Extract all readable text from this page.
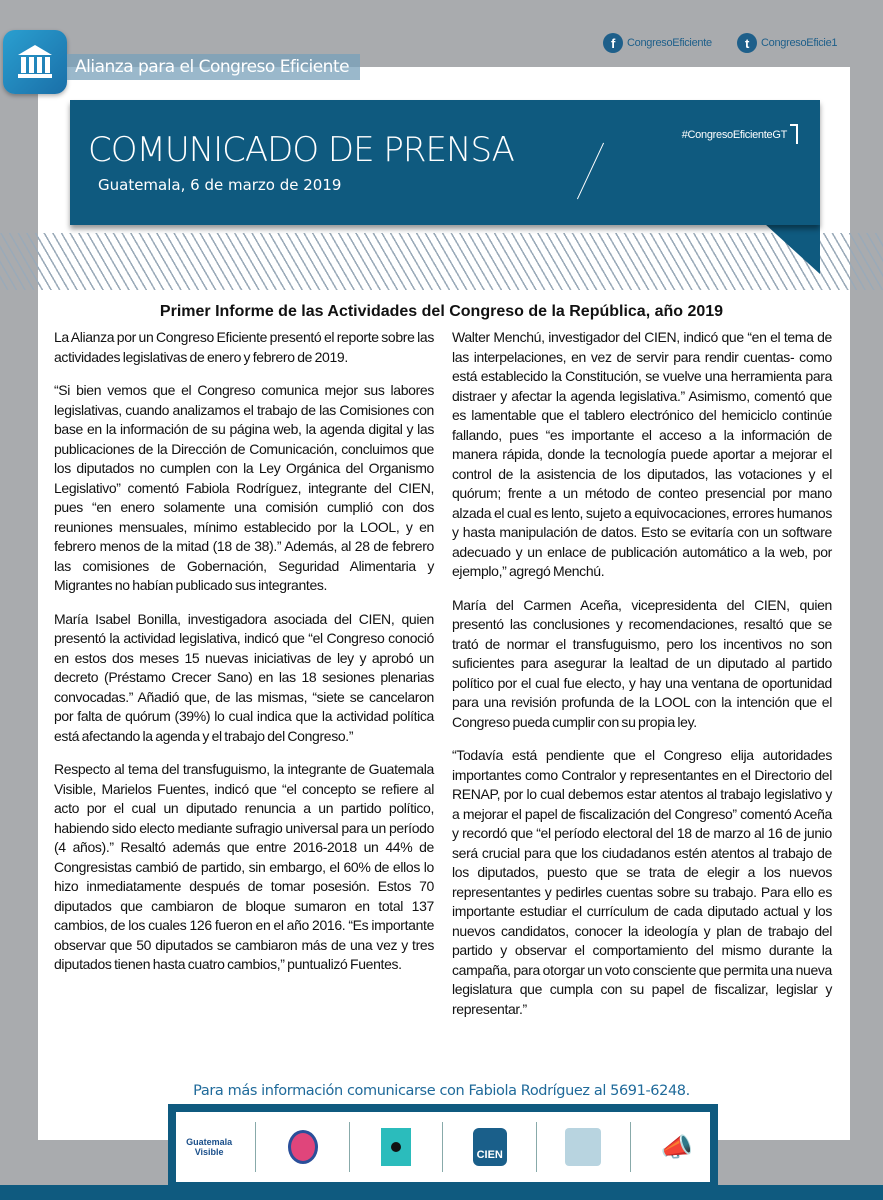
Alianza para el Congreso Eficiente
f	CongresoEficiente	t	CongresoEficie1
COMUNICADO DE PRENSA
Guatemala, 6 de marzo de 2019
#CongresoEficienteGT
Primer Informe de las Actividades del Congreso de la República, año 2019

La Alianza por un Congreso Eficiente presentó el reporte sobre las actividades legislativas de enero y febrero de 2019.

“Si bien vemos que el Congreso comunica mejor sus labores legislativas, cuando analizamos el trabajo de las Comisiones con base en la información de su página web, la agenda digital y las publicaciones de la Dirección de Comunicación, concluimos que los diputados no cumplen con la Ley Orgánica del Organismo Legislativo” comentó Fabiola Rodríguez, integrante del CIEN, pues “en enero solamente una comisión cumplió con dos reuniones mensuales, mínimo establecido por la LOOL, y en febrero menos de la mitad (18 de 38).” Además, al 28 de febrero las comisiones de Gobernación, Seguridad Alimentaria y Migrantes no habían publicado sus integrantes.

María Isabel Bonilla, investigadora asociada del CIEN, quien presentó la actividad legislativa, indicó que “el Congreso conoció en estos dos meses 15 nuevas iniciativas de ley y aprobó un decreto (Préstamo Crecer Sano) en las 18 sesiones plenarias convocadas.” Añadió que, de las mismas, “siete se cancelaron por falta de quórum (39%) lo cual indica que la actividad política está afectando la agenda y el trabajo del Congreso.”

Respecto al tema del transfuguismo, la integrante de Guatemala Visible, Marielos Fuentes, indicó que “el concepto se refiere al acto por el cual un diputado renuncia a un partido político, habiendo sido electo mediante sufragio universal para un período (4 años).” Resaltó además que entre 2016-2018 un 44% de Congresistas cambió de partido, sin embargo, el 60% de ellos lo hizo inmediatamente después de tomar posesión. Estos 70 diputados que cambiaron de bloque sumaron en total 137 cambios, de los cuales 126 fueron en el año 2016. “Es importante observar que 50 diputados se cambiaron más de una vez y tres diputados tienen hasta cuatro cambios,” puntualizó Fuentes.

Walter Menchú, investigador del CIEN, indicó que “en el tema de las interpelaciones, en vez de servir para rendir cuentas- como está establecido la Constitución, se vuelve una herramienta para distraer y afectar la agenda legislativa.” Asimismo, comentó que es lamentable que el tablero electrónico del hemiciclo continúe fallando, pues “es importante el acceso a la información de manera rápida, donde la tecnología puede aportar a mejorar el control de la asistencia de los diputados, las votaciones y el quórum; frente a un método de conteo presencial por mano alzada el cual es lento, sujeto a equivocaciones, errores humanos y hasta manipulación de datos. Esto se evitaría con un software adecuado y un enlace de publicación automático a la web, por ejemplo,” agregó Menchú.

María del Carmen Aceña, vicepresidenta del CIEN, quien presentó las conclusiones y recomendaciones, resaltó que se trató de normar el transfuguismo, pero los incentivos no son suficientes para asegurar la lealtad de un diputado al partido político por el cual fue electo, y hay una ventana de oportunidad para una revisión profunda de la LOOL con la intención que el Congreso pueda cumplir con su propia ley.

“Todavía está pendiente que el Congreso elija autoridades importantes como Contralor y representantes en el Directorio del RENAP, por lo cual debemos estar atentos al trabajo legislativo y a mejorar el papel de fiscalización del Congreso” comentó Aceña y recordó que “el período electoral del 18 de marzo al 16 de junio será crucial para que los ciudadanos estén atentos al trabajo de los diputados, puesto que se trata de elegir a los nuevos representantes y pedirles cuentas sobre su trabajo. Para ello es importante estudiar el currículum de cada diputado actual y los nuevos candidatos, conocer la ideología y plan de trabajo del partido y observar el comportamiento del mismo durante la campaña, para otorgar un voto consciente que permita una nueva legislatura que cumpla con su papel de fiscalizar, legislar y representar.”

Para más información comunicarse con Fabiola Rodríguez al 5691-6248.
Guatemala Visible	CIEN	📣
